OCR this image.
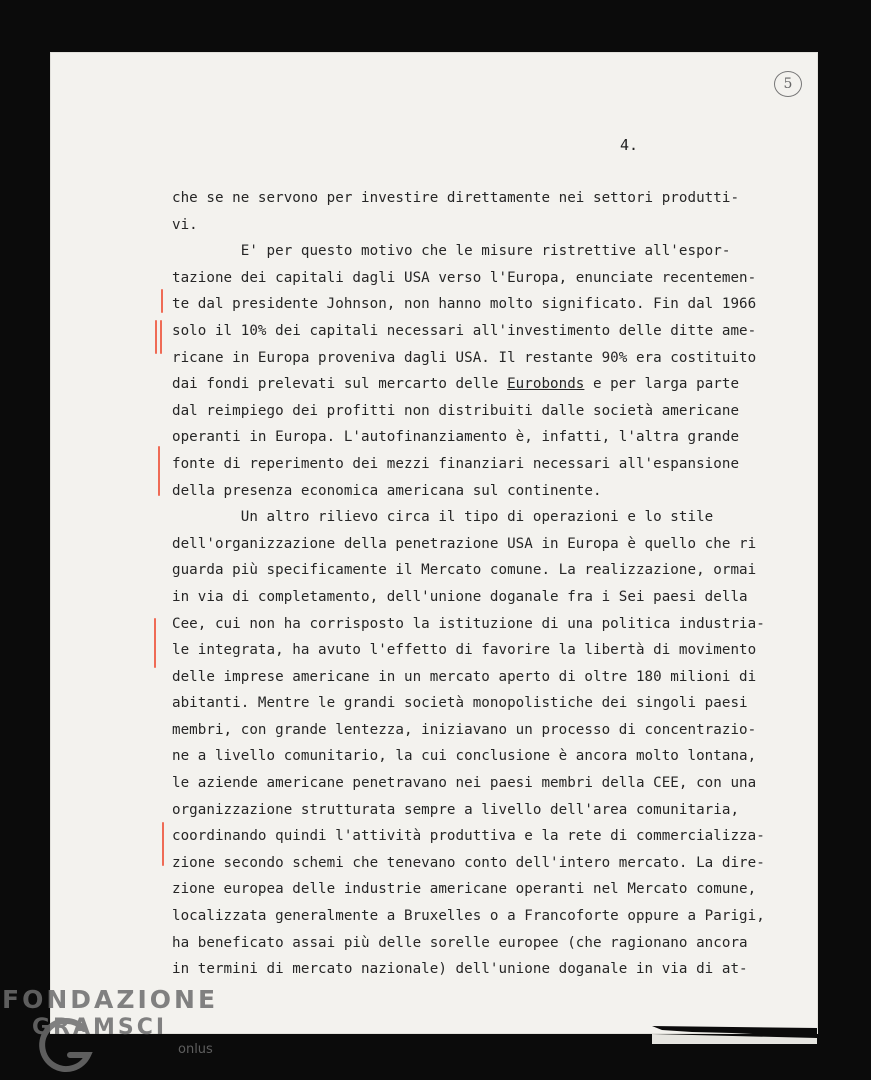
5
4.
che se ne servono per investire direttamente nei settori produtti-
vi.
E' per questo motivo che le misure ristrettive all'espor-
tazione dei capitali dagli USA verso l'Europa, enunciate recentemen-
te dal presidente Johnson, non hanno molto significato. Fin dal 1966
solo il 10% dei capitali necessari all'investimento delle ditte ame-
ricane in Europa proveniva dagli USA. Il restante 90% era costituito
dai fondi prelevati sul mercarto delle Eurobonds e per larga parte
dal reimpiego dei profitti non distribuiti dalle società americane
operanti in Europa. L'autofinanziamento è, infatti, l'altra grande
fonte di reperimento dei mezzi finanziari necessari all'espansione
della presenza economica americana sul continente.
Un altro rilievo circa il tipo di operazioni e lo stile
dell'organizzazione della penetrazione USA in Europa è quello che ri
guarda più specificamente il Mercato comune. La realizzazione, ormai
in via di completamento, dell'unione doganale fra i Sei paesi della
Cee, cui non ha corrisposto la istituzione di una politica industria-
le integrata, ha avuto l'effetto di favorire la libertà di movimento
delle imprese americane in un mercato aperto di oltre 180 milioni di
abitanti. Mentre le grandi società monopolistiche dei singoli paesi
membri, con grande lentezza, iniziavano un processo di concentrazio-
ne a livello comunitario, la cui conclusione è ancora molto lontana,
le aziende americane penetravano nei paesi membri della CEE, con una
organizzazione strutturata sempre a livello dell'area comunitaria,
coordinando quindi l'attività produttiva e la rete di commercializza-
zione secondo schemi che tenevano conto dell'intero mercato. La dire-
zione europea delle industrie americane operanti nel Mercato comune,
localizzata generalmente a Bruxelles o a Francoforte oppure a Parigi,
ha beneficato assai più delle sorelle europee (che ragionano ancora
in termini di mercato nazionale) dell'unione doganale in via di at-
FONDAZIONE
GRAMSCI
onlus
